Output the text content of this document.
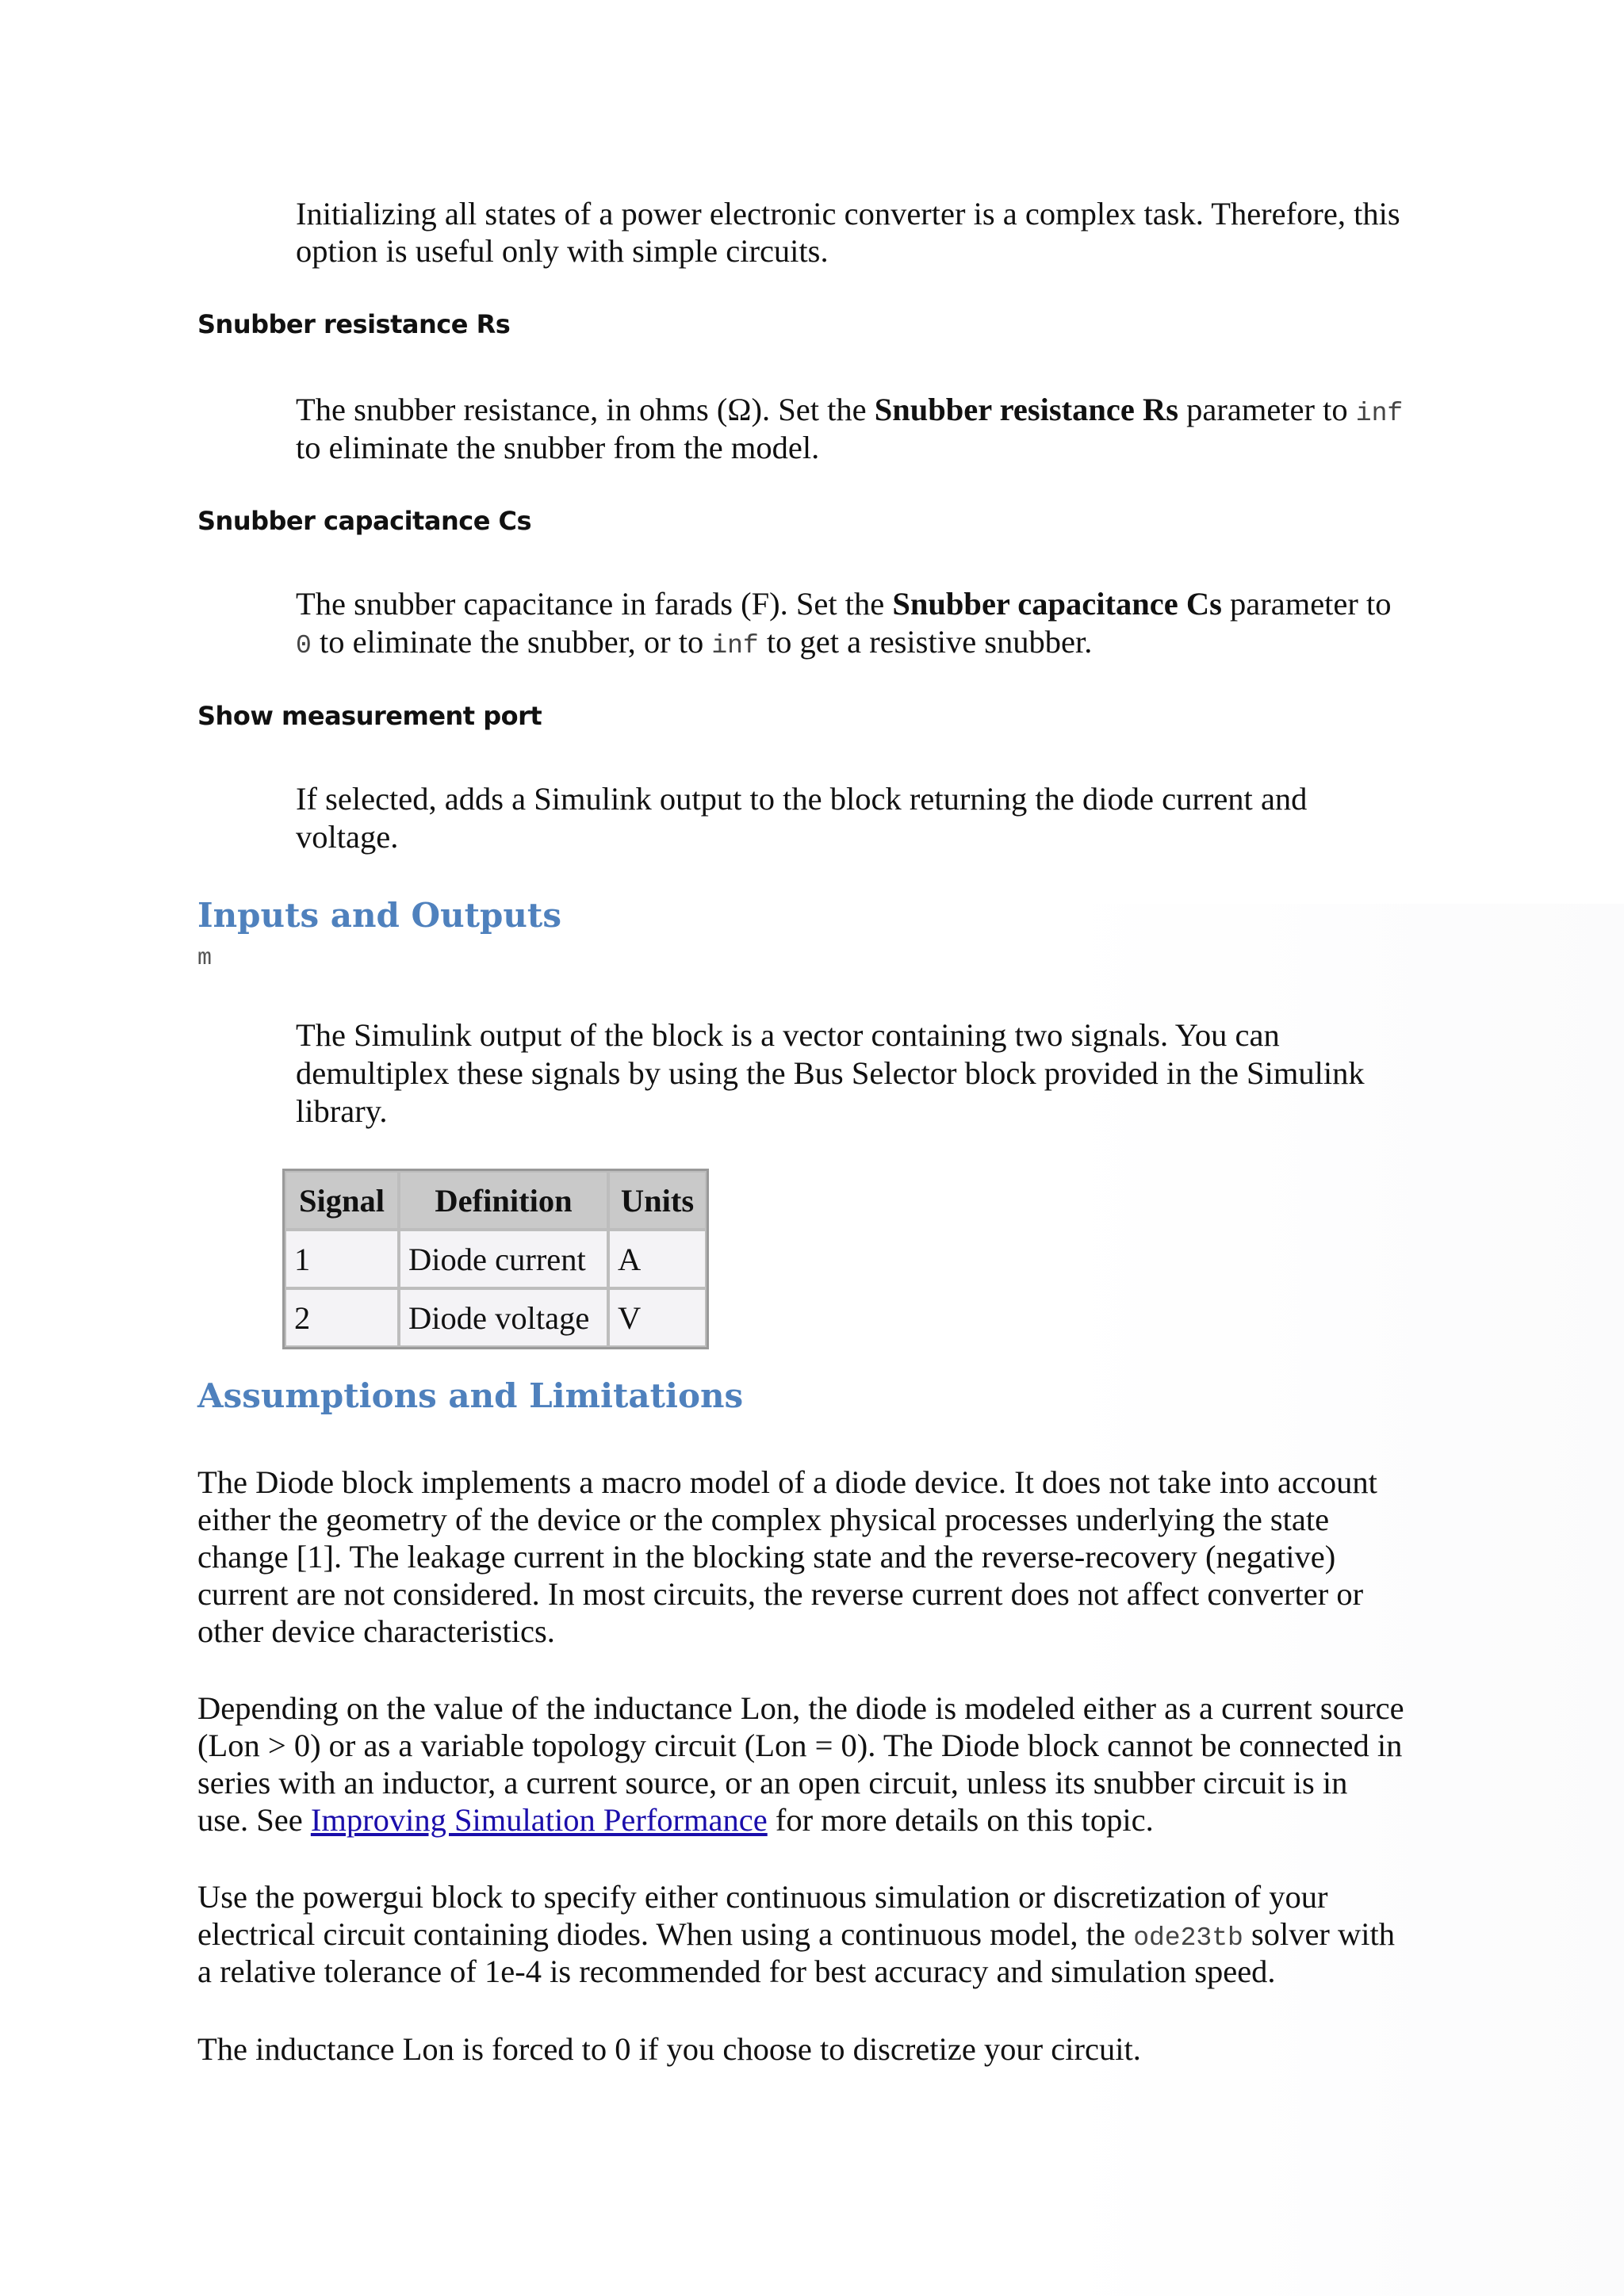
Initializing all states of a power electronic converter is a complex task. Therefore, this

option is useful only with simple circuits.

Snubber resistance Rs

The snubber resistance, in ohms (Ω). Set the Snubber resistance Rs parameter to inf

to eliminate the snubber from the model.

Snubber capacitance Cs

The snubber capacitance in farads (F). Set the Snubber capacitance Cs parameter to

0 to eliminate the snubber, or to inf to get a resistive snubber.

Show measurement port

If selected, adds a Simulink output to the block returning the diode current and

voltage.

Inputs and Outputs

m

The Simulink output of the block is a vector containing two signals. You can

demultiplex these signals by using the Bus Selector block provided in the Simulink

library.

Signal	Definition	Units
1	Diode current	A
2	Diode voltage	V
Assumptions and Limitations

The Diode block implements a macro model of a diode device. It does not take into account

either the geometry of the device or the complex physical processes underlying the state

change [1]. The leakage current in the blocking state and the reverse-recovery (negative)

current are not considered. In most circuits, the reverse current does not affect converter or

other device characteristics.

Depending on the value of the inductance Lon, the diode is modeled either as a current source

(Lon > 0) or as a variable topology circuit (Lon = 0). The Diode block cannot be connected in

series with an inductor, a current source, or an open circuit, unless its snubber circuit is in

use. See Improving Simulation Performance for more details on this topic.

Use the powergui block to specify either continuous simulation or discretization of your

electrical circuit containing diodes. When using a continuous model, the ode23tb solver with

a relative tolerance of 1e-4 is recommended for best accuracy and simulation speed.

The inductance Lon is forced to 0 if you choose to discretize your circuit.
